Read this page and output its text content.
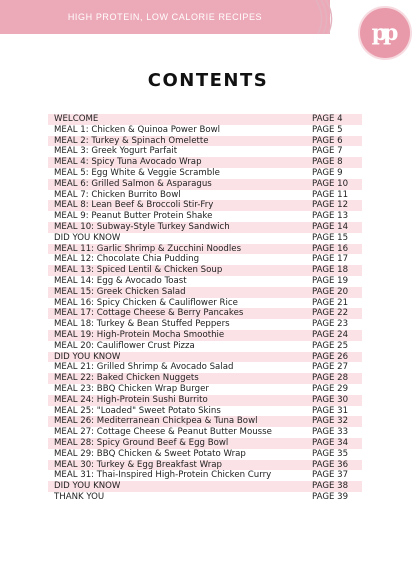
HIGH PROTEIN, LOW CALORIE RECIPES
pp
CONTENTS
WELCOME	PAGE 4
MEAL 1: Chicken & Quinoa Power Bowl	PAGE 5
MEAL 2: Turkey & Spinach Omelette	PAGE 6
MEAL 3: Greek Yogurt Parfait	PAGE 7
MEAL 4: Spicy Tuna Avocado Wrap	PAGE 8
MEAL 5: Egg White & Veggie Scramble	PAGE 9
MEAL 6: Grilled Salmon & Asparagus	PAGE 10
MEAL 7: Chicken Burrito Bowl	PAGE 11
MEAL 8: Lean Beef & Broccoli Stir-Fry	PAGE 12
MEAL 9: Peanut Butter Protein Shake	PAGE 13
MEAL 10: Subway-Style Turkey Sandwich	PAGE 14
DID YOU KNOW	PAGE 15
MEAL 11: Garlic Shrimp & Zucchini Noodles	PAGE 16
MEAL 12: Chocolate Chia Pudding	PAGE 17
MEAL 13: Spiced Lentil & Chicken Soup	PAGE 18
MEAL 14: Egg & Avocado Toast	PAGE 19
MEAL 15: Greek Chicken Salad	PAGE 20
MEAL 16: Spicy Chicken & Cauliflower Rice	PAGE 21
MEAL 17: Cottage Cheese & Berry Pancakes	PAGE 22
MEAL 18: Turkey & Bean Stuffed Peppers	PAGE 23
MEAL 19: High-Protein Mocha Smoothie	PAGE 24
MEAL 20: Cauliflower Crust Pizza	PAGE 25
DID YOU KNOW	PAGE 26
MEAL 21: Grilled Shrimp & Avocado Salad	PAGE 27
MEAL 22: Baked Chicken Nuggets	PAGE 28
MEAL 23: BBQ Chicken Wrap Burger	PAGE 29
MEAL 24: High-Protein Sushi Burrito	PAGE 30
MEAL 25: "Loaded" Sweet Potato Skins	PAGE 31
MEAL 26: Mediterranean Chickpea & Tuna Bowl	PAGE 32
MEAL 27: Cottage Cheese & Peanut Butter Mousse	PAGE 33
MEAL 28: Spicy Ground Beef & Egg Bowl	PAGE 34
MEAL 29: BBQ Chicken & Sweet Potato Wrap	PAGE 35
MEAL 30: Turkey & Egg Breakfast Wrap	PAGE 36
MEAL 31: Thai-Inspired High-Protein Chicken Curry	PAGE 37
DID YOU KNOW	PAGE 38
THANK YOU	PAGE 39
